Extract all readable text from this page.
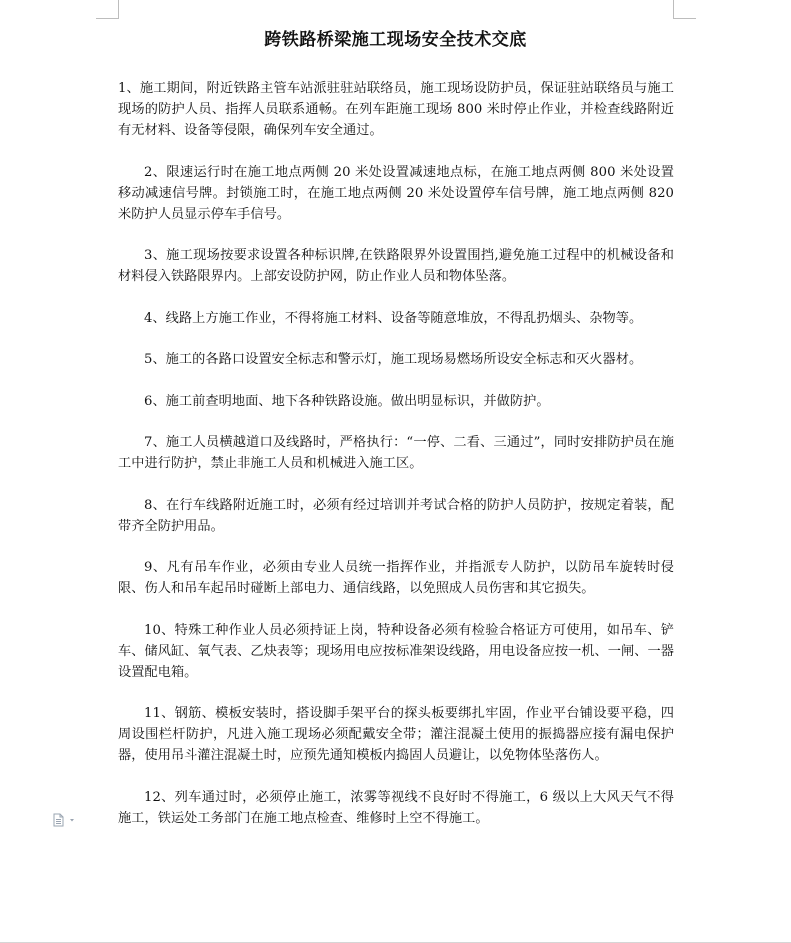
跨铁路桥梁施工现场安全技术交底

1、施工期间，附近铁路主管车站派驻驻站联络员，施工现场设防护员，保证驻站联络员与施工现场的防护人员、指挥人员联系通畅。在列车距施工现场 800 米时停止作业，并检查线路附近有无材料、设备等侵限，确保列车安全通过。

2、限速运行时在施工地点两侧 20 米处设置减速地点标，在施工地点两侧 800 米处设置移动减速信号牌。封锁施工时，在施工地点两侧 20 米处设置停车信号牌，施工地点两侧 820 米防护人员显示停车手信号。

3、施工现场按要求设置各种标识牌,在铁路限界外设置围挡,避免施工过程中的机械设备和材料侵入铁路限界内。上部安设防护网，防止作业人员和物体坠落。

4、线路上方施工作业，不得将施工材料、设备等随意堆放，不得乱扔烟头、杂物等。

5、施工的各路口设置安全标志和警示灯，施工现场易燃场所设安全标志和灭火器材。

6、施工前查明地面、地下各种铁路设施。做出明显标识，并做防护。

7、施工人员横越道口及线路时，严格执行：“一停、二看、三通过”，同时安排防护员在施工中进行防护，禁止非施工人员和机械进入施工区。

8、在行车线路附近施工时，必须有经过培训并考试合格的防护人员防护，按规定着装，配带齐全防护用品。

9、凡有吊车作业，必须由专业人员统一指挥作业，并指派专人防护，以防吊车旋转时侵限、伤人和吊车起吊时碰断上部电力、通信线路，以免照成人员伤害和其它损失。

10、特殊工种作业人员必须持证上岗，特种设备必须有检验合格证方可使用，如吊车、铲车、储风缸、氧气表、乙炔表等；现场用电应按标准架设线路，用电设备应按一机、一闸、一器设置配电箱。

11、钢筋、模板安装时，搭设脚手架平台的探头板要绑扎牢固，作业平台铺设要平稳，四周设围栏杆防护，凡进入施工现场必须配戴安全带；灌注混凝土使用的振捣器应接有漏电保护器，使用吊斗灌注混凝土时，应预先通知模板内捣固人员避让，以免物体坠落伤人。

12、列车通过时，必须停止施工，浓雾等视线不良好时不得施工，6 级以上大风天气不得施工，铁运处工务部门在施工地点检查、维修时上空不得施工。
